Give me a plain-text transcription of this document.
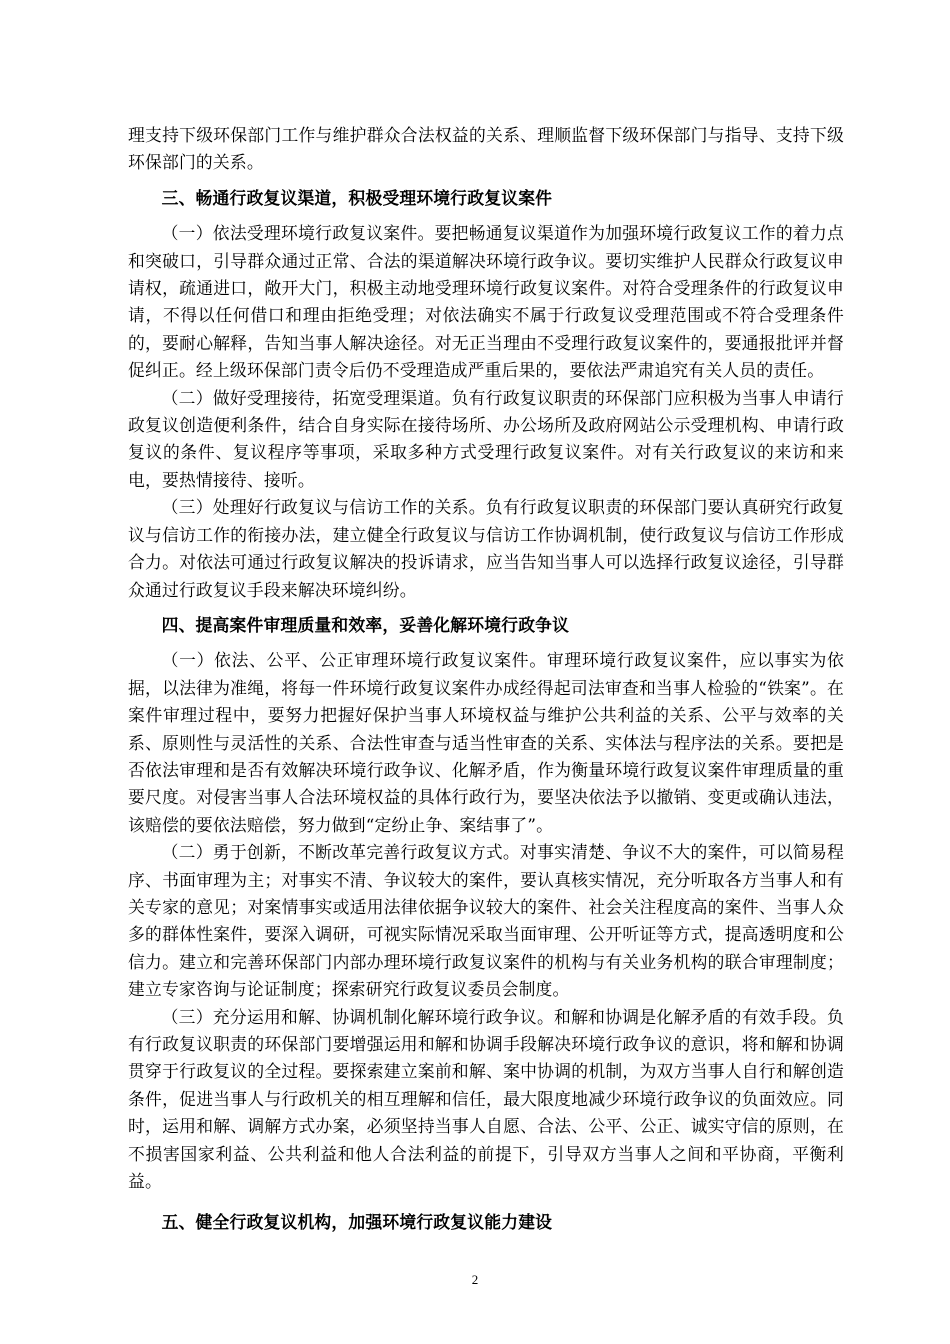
理支持下级环保部门工作与维护群众合法权益的关系、理顺监督下级环保部门与指导、支持下级环保部门的关系。

三、畅通行政复议渠道，积极受理环境行政复议案件

（一）依法受理环境行政复议案件。要把畅通复议渠道作为加强环境行政复议工作的着力点和突破口，引导群众通过正常、合法的渠道解决环境行政争议。要切实维护人民群众行政复议申请权，疏通进口，敞开大门，积极主动地受理环境行政复议案件。对符合受理条件的行政复议申请，不得以任何借口和理由拒绝受理；对依法确实不属于行政复议受理范围或不符合受理条件的，要耐心解释，告知当事人解决途径。对无正当理由不受理行政复议案件的，要通报批评并督促纠正。经上级环保部门责令后仍不受理造成严重后果的，要依法严肃追究有关人员的责任。

（二）做好受理接待，拓宽受理渠道。负有行政复议职责的环保部门应积极为当事人申请行政复议创造便利条件，结合自身实际在接待场所、办公场所及政府网站公示受理机构、申请行政复议的条件、复议程序等事项，采取多种方式受理行政复议案件。对有关行政复议的来访和来电，要热情接待、接听。

（三）处理好行政复议与信访工作的关系。负有行政复议职责的环保部门要认真研究行政复议与信访工作的衔接办法，建立健全行政复议与信访工作协调机制，使行政复议与信访工作形成合力。对依法可通过行政复议解决的投诉请求，应当告知当事人可以选择行政复议途径，引导群众通过行政复议手段来解决环境纠纷。

四、提高案件审理质量和效率，妥善化解环境行政争议

（一）依法、公平、公正审理环境行政复议案件。审理环境行政复议案件，应以事实为依据，以法律为准绳，将每一件环境行政复议案件办成经得起司法审查和当事人检验的“铁案”。在案件审理过程中，要努力把握好保护当事人环境权益与维护公共利益的关系、公平与效率的关系、原则性与灵活性的关系、合法性审查与适当性审查的关系、实体法与程序法的关系。要把是否依法审理和是否有效解决环境行政争议、化解矛盾，作为衡量环境行政复议案件审理质量的重要尺度。对侵害当事人合法环境权益的具体行政行为，要坚决依法予以撤销、变更或确认违法，该赔偿的要依法赔偿，努力做到“定纷止争、案结事了”。

（二）勇于创新，不断改革完善行政复议方式。对事实清楚、争议不大的案件，可以简易程序、书面审理为主；对事实不清、争议较大的案件，要认真核实情况，充分听取各方当事人和有关专家的意见；对案情事实或适用法律依据争议较大的案件、社会关注程度高的案件、当事人众多的群体性案件，要深入调研，可视实际情况采取当面审理、公开听证等方式，提高透明度和公信力。建立和完善环保部门内部办理环境行政复议案件的机构与有关业务机构的联合审理制度；建立专家咨询与论证制度；探索研究行政复议委员会制度。

（三）充分运用和解、协调机制化解环境行政争议。和解和协调是化解矛盾的有效手段。负有行政复议职责的环保部门要增强运用和解和协调手段解决环境行政争议的意识，将和解和协调贯穿于行政复议的全过程。要探索建立案前和解、案中协调的机制，为双方当事人自行和解创造条件，促进当事人与行政机关的相互理解和信任，最大限度地减少环境行政争议的负面效应。同时，运用和解、调解方式办案，必须坚持当事人自愿、合法、公平、公正、诚实守信的原则，在不损害国家利益、公共利益和他人合法利益的前提下，引导双方当事人之间和平协商，平衡利益。

五、健全行政复议机构，加强环境行政复议能力建设
2
